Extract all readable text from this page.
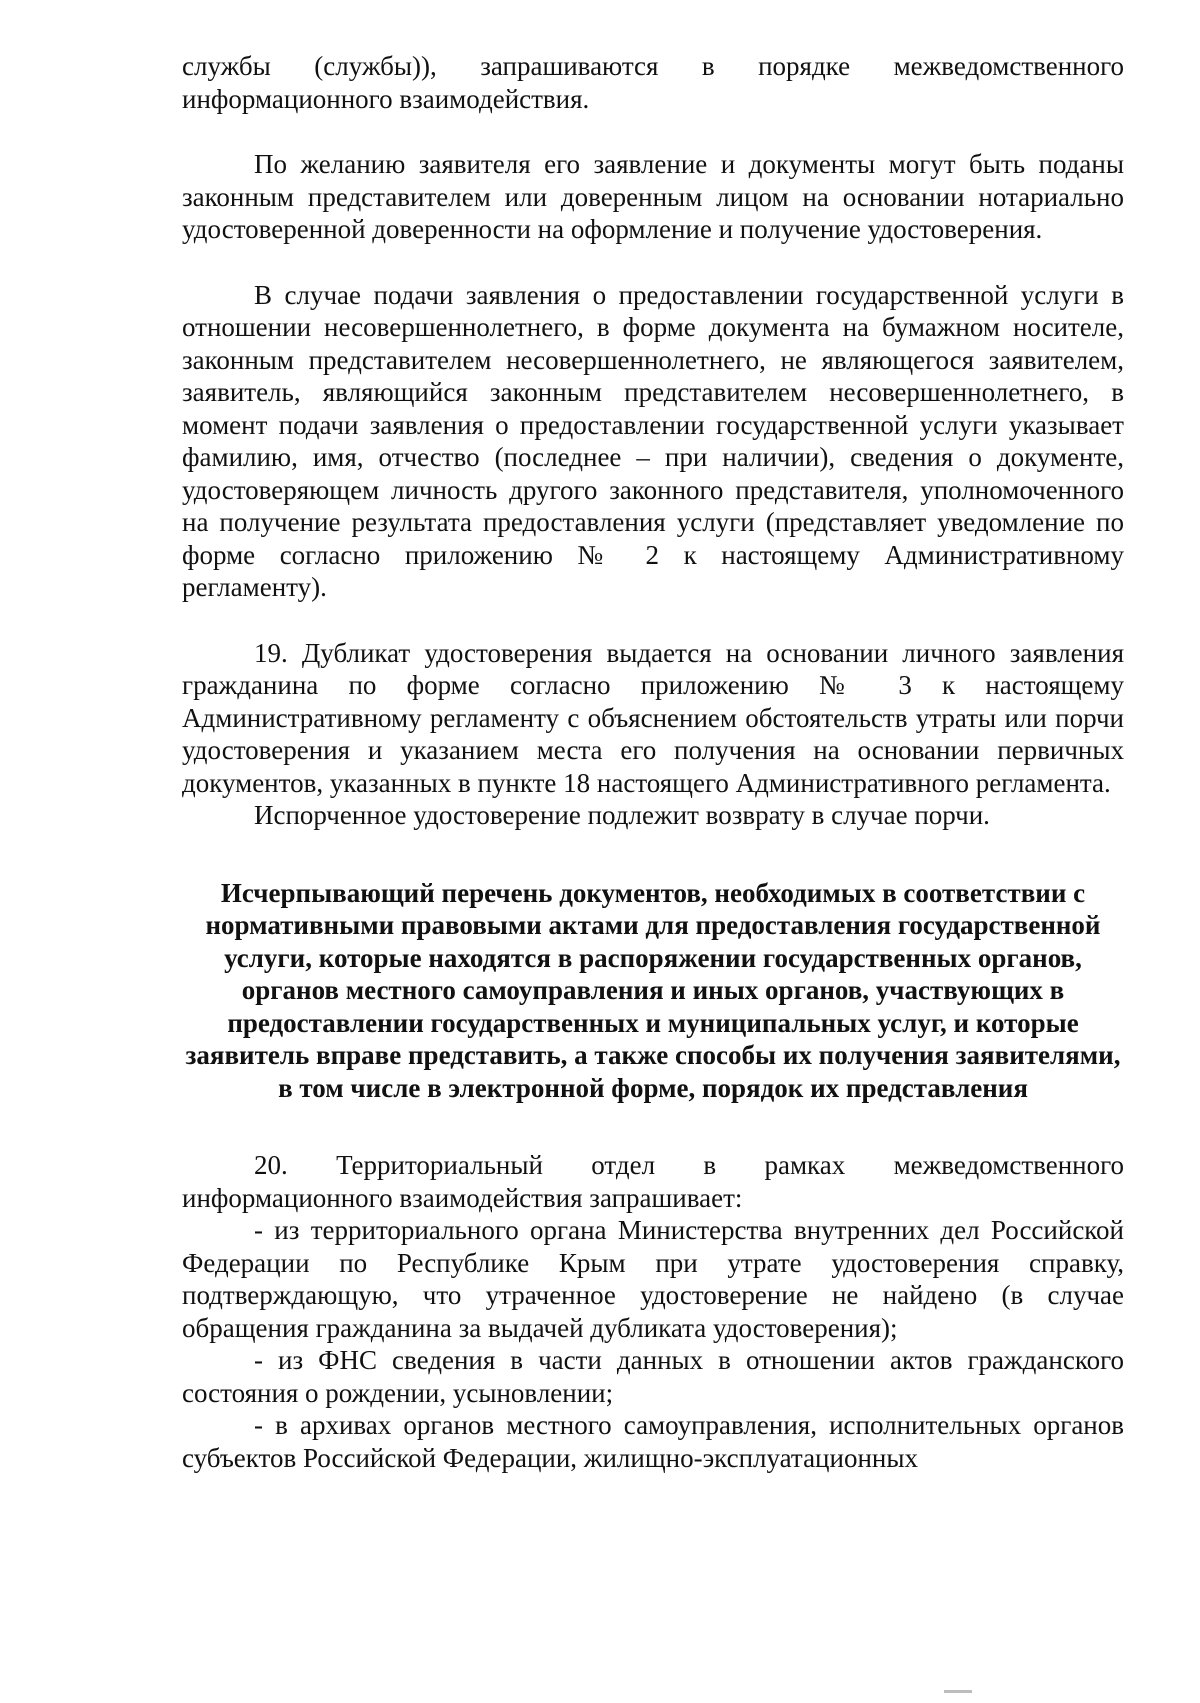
службы (службы)), запрашиваются в порядке межведомственного информационного взаимодействия.

По желанию заявителя его заявление и документы могут быть поданы законным представителем или доверенным лицом на основании нотариально удостоверенной доверенности на оформление и получение удостоверения.

В случае подачи заявления о предоставлении государственной услуги в отношении несовершеннолетнего, в форме документа на бумажном носителе, законным представителем несовершеннолетнего, не являющегося заявителем, заявитель, являющийся законным представителем несовершеннолетнего, в момент подачи заявления о предоставлении государственной услуги указывает фамилию, имя, отчество (последнее – при наличии), сведения о документе, удостоверяющем личность другого законного представителя, уполномоченного на получение результата предоставления услуги (представляет уведомление по форме согласно приложению № 2 к настоящему Административному регламенту).

19. Дубликат удостоверения выдается на основании личного заявления гражданина по форме согласно приложению № 3 к настоящему Административному регламенту с объяснением обстоятельств утраты или порчи удостоверения и указанием места его получения на основании первичных документов, указанных в пункте 18 настоящего Административного регламента.

Испорченное удостоверение подлежит возврату в случае порчи.

Исчерпывающий перечень документов, необходимых в соответствии с нормативными правовыми актами для предоставления государственной услуги, которые находятся в распоряжении государственных органов, органов местного самоуправления и иных органов, участвующих в предоставлении государственных и муниципальных услуг, и которые заявитель вправе представить, а также способы их получения заявителями, в том числе в электронной форме, порядок их представления

20. Территориальный отдел в рамках межведомственного информационного взаимодействия запрашивает:

- из территориального органа Министерства внутренних дел Российской Федерации по Республике Крым при утрате удостоверения справку, подтверждающую, что утраченное удостоверение не найдено (в случае обращения гражданина за выдачей дубликата удостоверения);

- из ФНС сведения в части данных в отношении актов гражданского состояния о рождении, усыновлении;

- в архивах органов местного самоуправления, исполнительных органов субъектов Российской Федерации, жилищно-эксплуатационных
